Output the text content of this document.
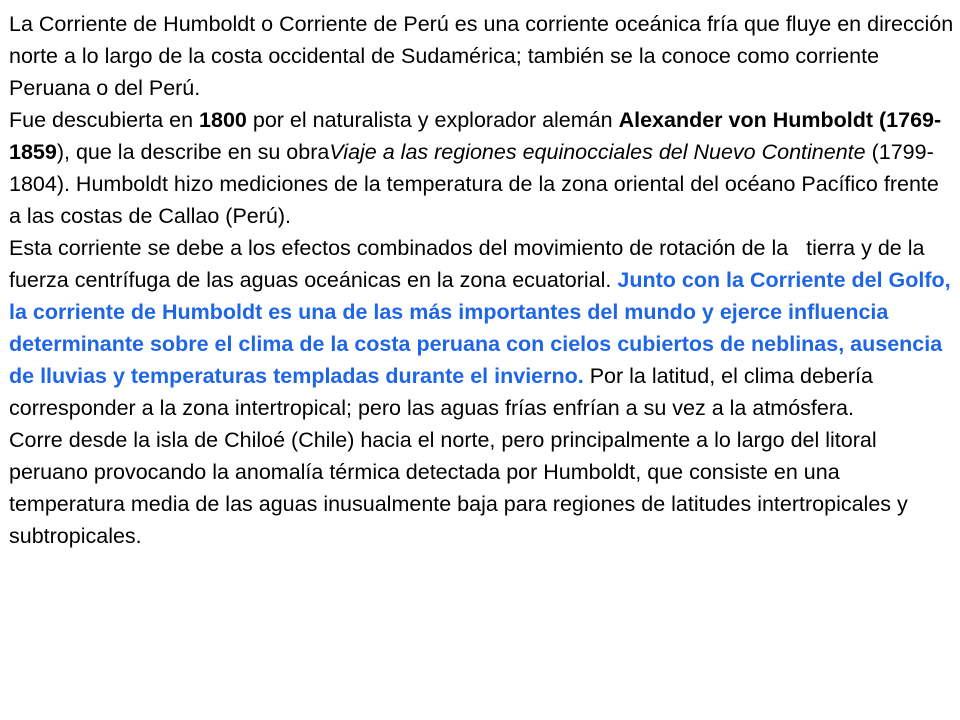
La Corriente de Humboldt o Corriente de Perú es una corriente oceánica fría que fluye en dirección norte a lo largo de la costa occidental de Sudamérica; también se la conoce como corriente Peruana o del Perú.

Fue descubierta en 1800 por el naturalista y explorador alemán Alexander von Humboldt (1769-1859), que la describe en su obraViaje a las regiones equinocciales del Nuevo Continente (1799-1804). Humboldt hizo mediciones de la temperatura de la zona oriental del océano Pacífico frente a las costas de Callao (Perú).

Esta corriente se debe a los efectos combinados del movimiento de rotación de la tierra y de la fuerza centrífuga de las aguas oceánicas en la zona ecuatorial. Junto con la Corriente del Golfo, la corriente de Humboldt es una de las más importantes del mundo y ejerce influencia determinante sobre el clima de la costa peruana con cielos cubiertos de neblinas, ausencia de lluvias y temperaturas templadas durante el invierno. Por la latitud, el clima debería corresponder a la zona intertropical; pero las aguas frías enfrían a su vez a la atmósfera.

Corre desde la isla de Chiloé (Chile) hacia el norte, pero principalmente a lo largo del litoral peruano provocando la anomalía térmica detectada por Humboldt, que consiste en una temperatura media de las aguas inusualmente baja para regiones de latitudes intertropicales y subtropicales.
